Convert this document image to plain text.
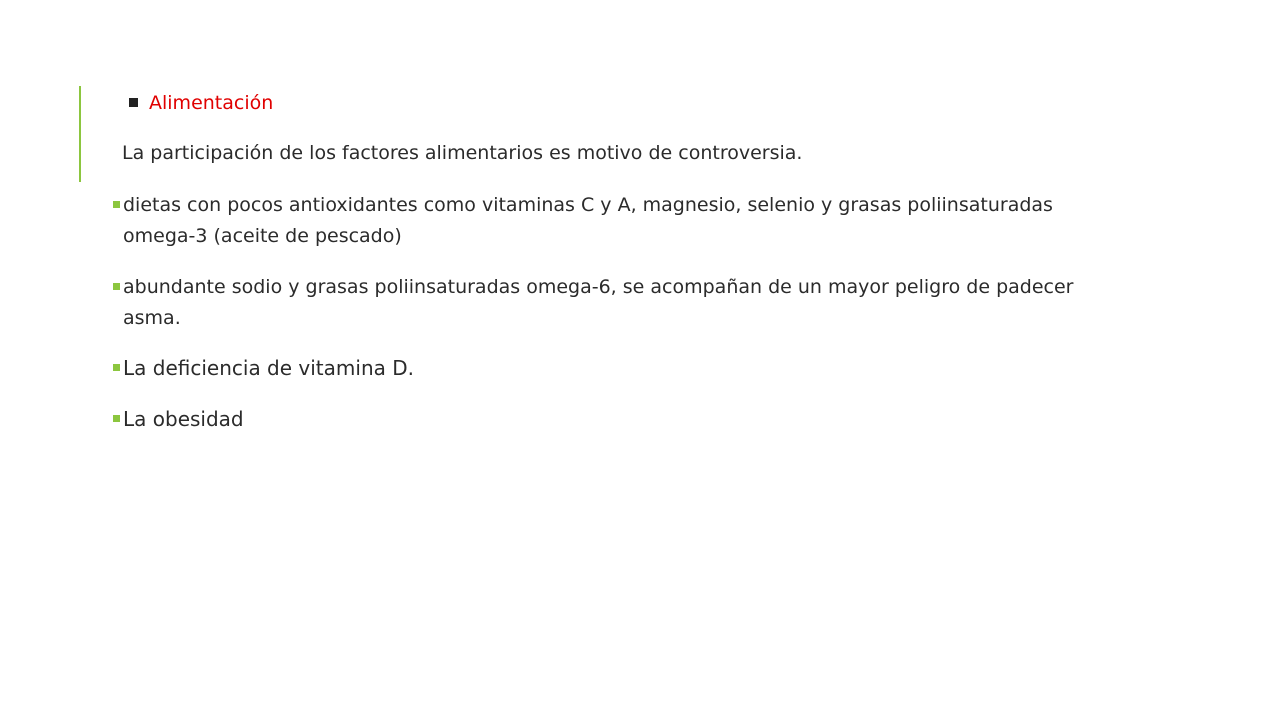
Alimentación
La participación de los factores alimentarios es motivo de controversia.
dietas con pocos antioxidantes como vitaminas C y A, magnesio, selenio y grasas poliinsaturadas omega-3 (aceite de pescado)
abundante sodio y grasas poliinsaturadas omega-6, se acompañan de un mayor peligro de padecer asma.
La deficiencia de vitamina D.
La obesidad
